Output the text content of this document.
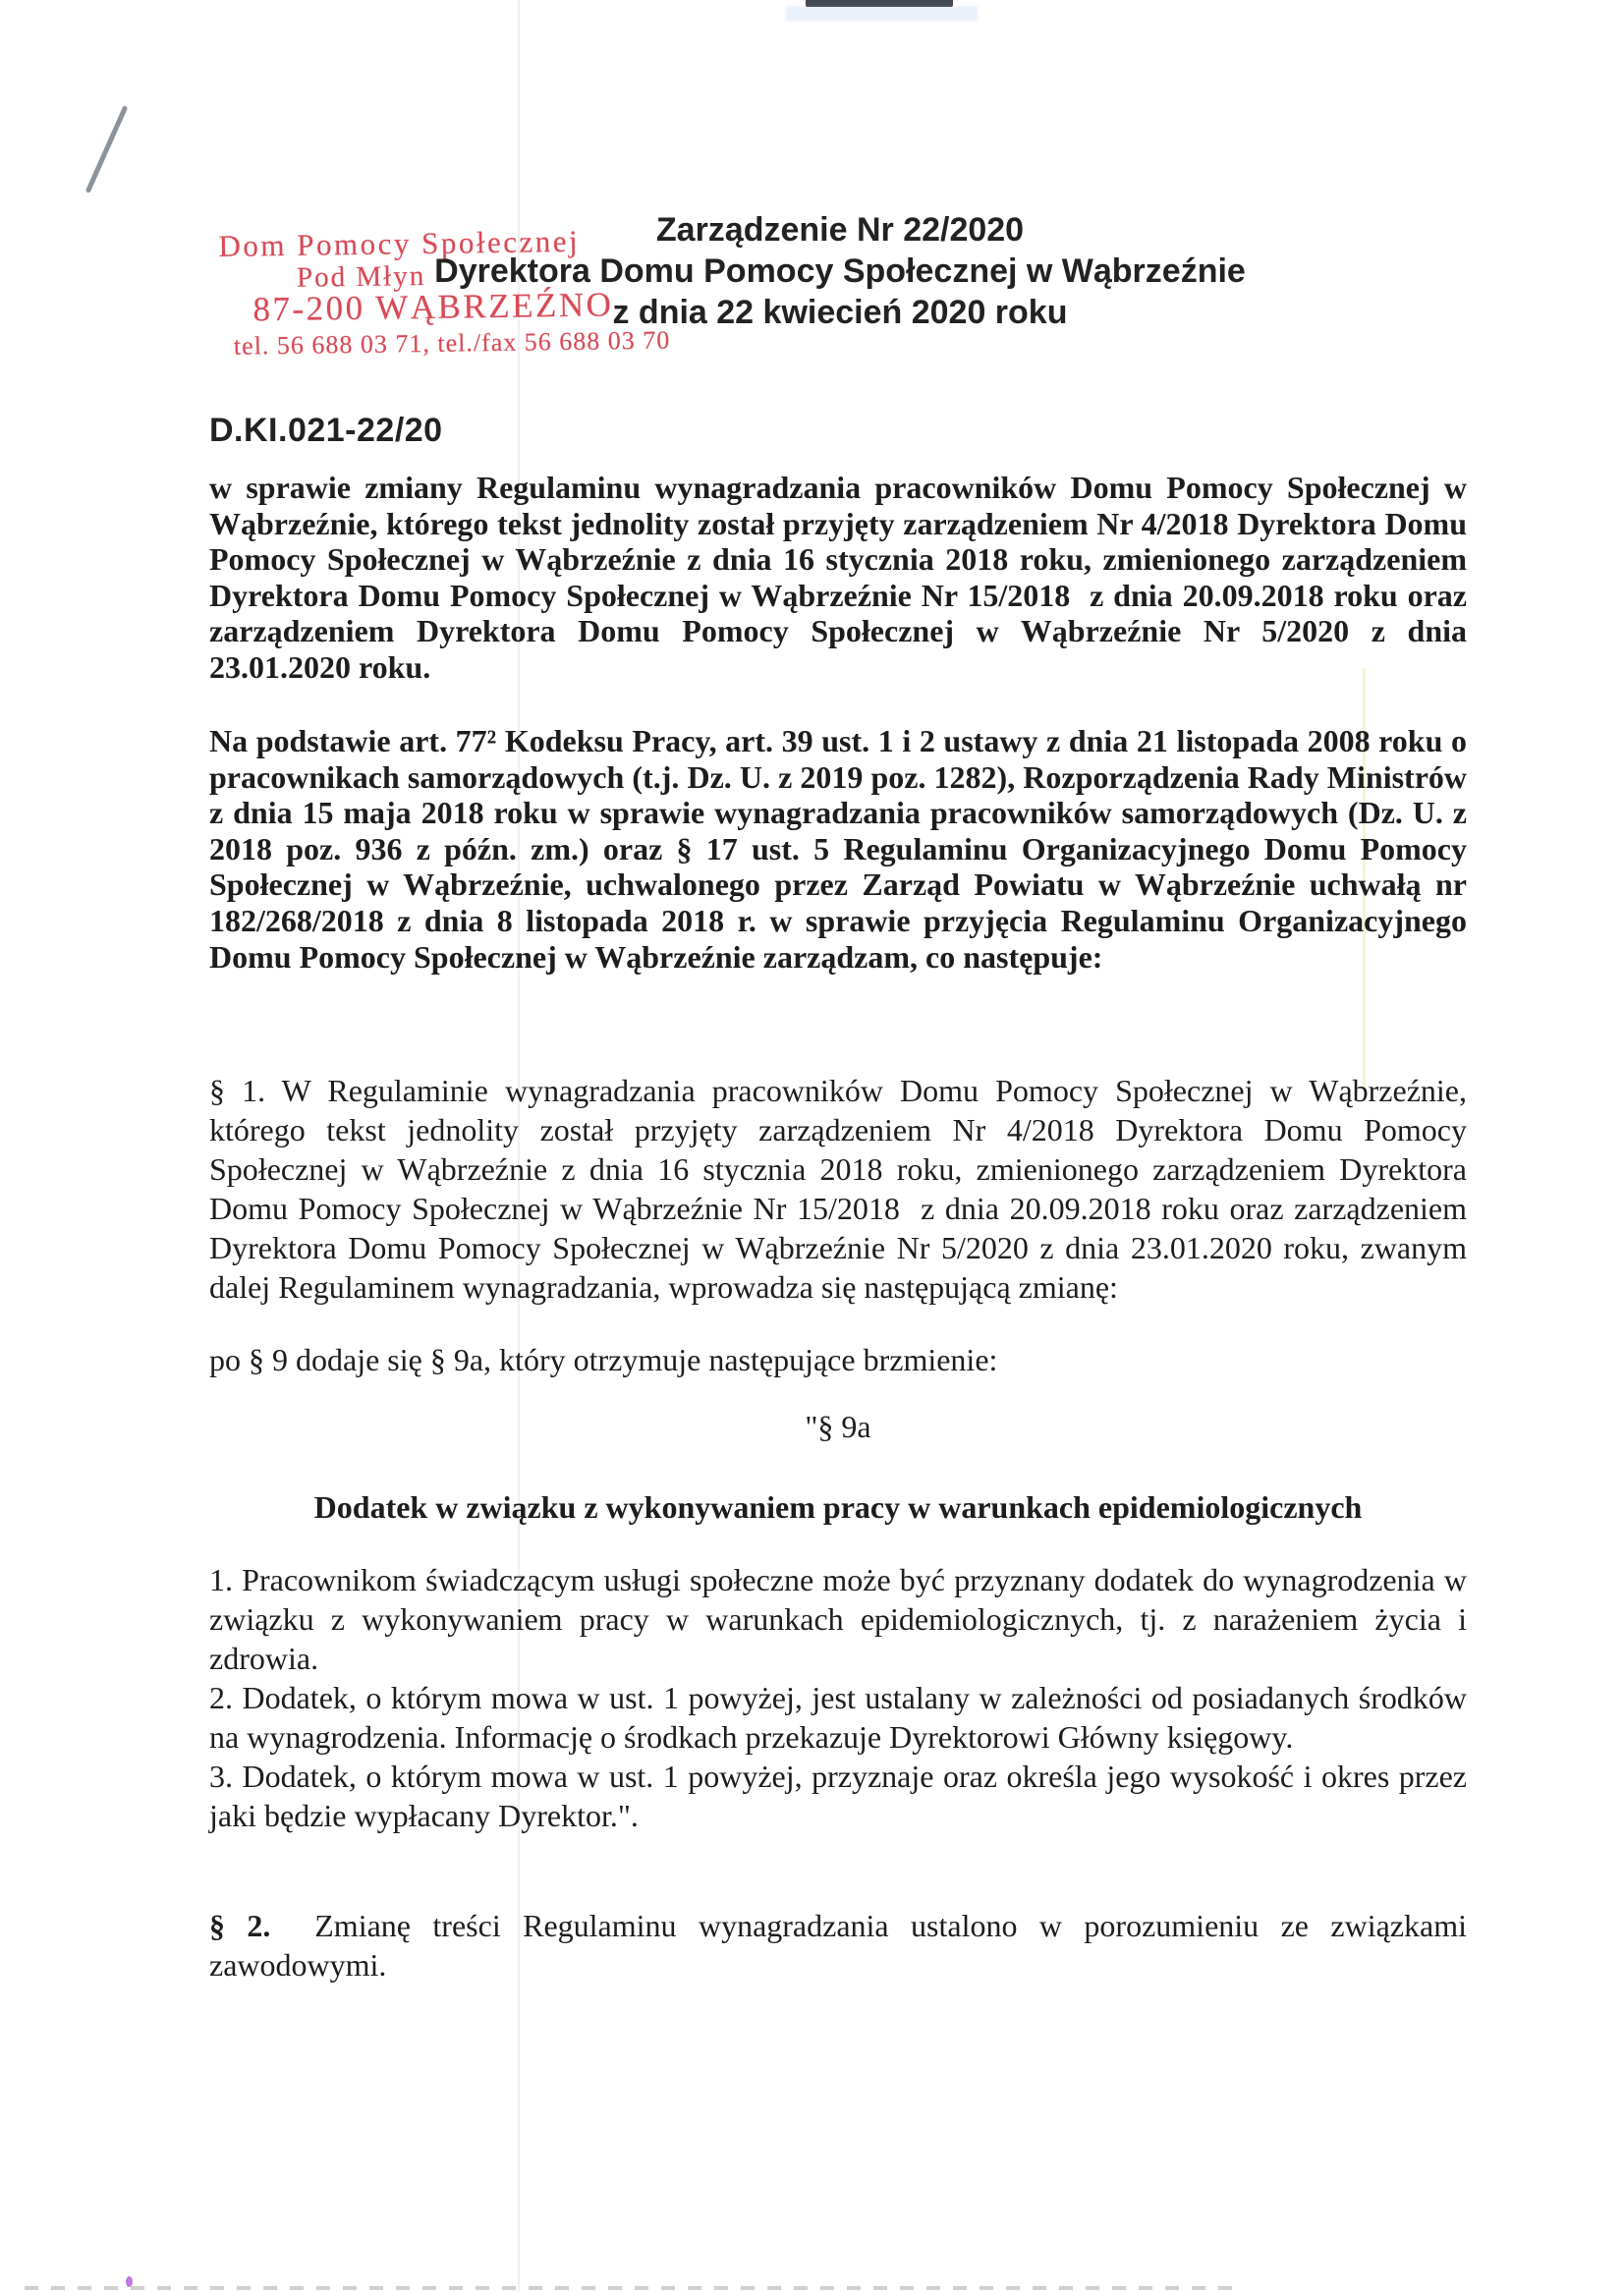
Dom Pomocy Społecznej
Pod Młyn
87-200 WĄBRZEŹNO
tel. 56 688 03 71, tel./fax 56 688 03 70
Zarządzenie Nr 22/2020
Dyrektora Domu Pomocy Społecznej w Wąbrzeźnie
z dnia 22 kwiecień 2020 roku
D.KI.021-22/20

w sprawie zmiany Regulaminu wynagradzania pracowników Domu Pomocy Społecznej w Wąbrzeźnie, którego tekst jednolity został przyjęty zarządzeniem Nr 4/2018 Dyrektora Domu Pomocy Społecznej w Wąbrzeźnie z dnia 16 stycznia 2018 roku, zmienionego zarządzeniem Dyrektora Domu Pomocy Społecznej w Wąbrzeźnie Nr 15/2018  z dnia 20.09.2018 roku oraz zarządzeniem Dyrektora Domu Pomocy Społecznej w Wąbrzeźnie Nr 5/2020 z dnia 23.01.2020 roku.

Na podstawie art. 77² Kodeksu Pracy, art. 39 ust. 1 i 2 ustawy z dnia 21 listopada 2008 roku o pracownikach samorządowych (t.j. Dz. U. z 2019 poz. 1282), Rozporządzenia Rady Ministrów z dnia 15 maja 2018 roku w sprawie wynagradzania pracowników samorządowych (Dz. U. z 2018 poz. 936 z późn. zm.) oraz § 17 ust. 5 Regulaminu Organizacyjnego Domu Pomocy Społecznej w Wąbrzeźnie, uchwalonego przez Zarząd Powiatu w Wąbrzeźnie uchwałą nr 182/268/2018 z dnia 8 listopada 2018 r. w sprawie przyjęcia Regulaminu Organizacyjnego Domu Pomocy Społecznej w Wąbrzeźnie zarządzam, co następuje:

§ 1. W Regulaminie wynagradzania pracowników Domu Pomocy Społecznej w Wąbrzeźnie, którego tekst jednolity został przyjęty zarządzeniem Nr 4/2018 Dyrektora Domu Pomocy Społecznej w Wąbrzeźnie z dnia 16 stycznia 2018 roku, zmienionego zarządzeniem Dyrektora Domu Pomocy Społecznej w Wąbrzeźnie Nr 15/2018  z dnia 20.09.2018 roku oraz zarządzeniem Dyrektora Domu Pomocy Społecznej w Wąbrzeźnie Nr 5/2020 z dnia 23.01.2020 roku, zwanym dalej Regulaminem wynagradzania, wprowadza się następującą zmianę:

po § 9 dodaje się § 9a, który otrzymuje następujące brzmienie:

"§ 9a

Dodatek w związku z wykonywaniem pracy w warunkach epidemiologicznych

1. Pracownikom świadczącym usługi społeczne może być przyznany dodatek do wynagrodzenia w związku z wykonywaniem pracy w warunkach epidemiologicznych, tj. z narażeniem życia i zdrowia.

2. Dodatek, o którym mowa w ust. 1 powyżej, jest ustalany w zależności od posiadanych środków na wynagrodzenia. Informację o środkach przekazuje Dyrektorowi Główny księgowy.

3. Dodatek, o którym mowa w ust. 1 powyżej, przyznaje oraz określa jego wysokość i okres przez jaki będzie wypłacany Dyrektor.".

§ 2.  Zmianę treści Regulaminu wynagradzania ustalono w porozumieniu ze związkami zawodowymi.
